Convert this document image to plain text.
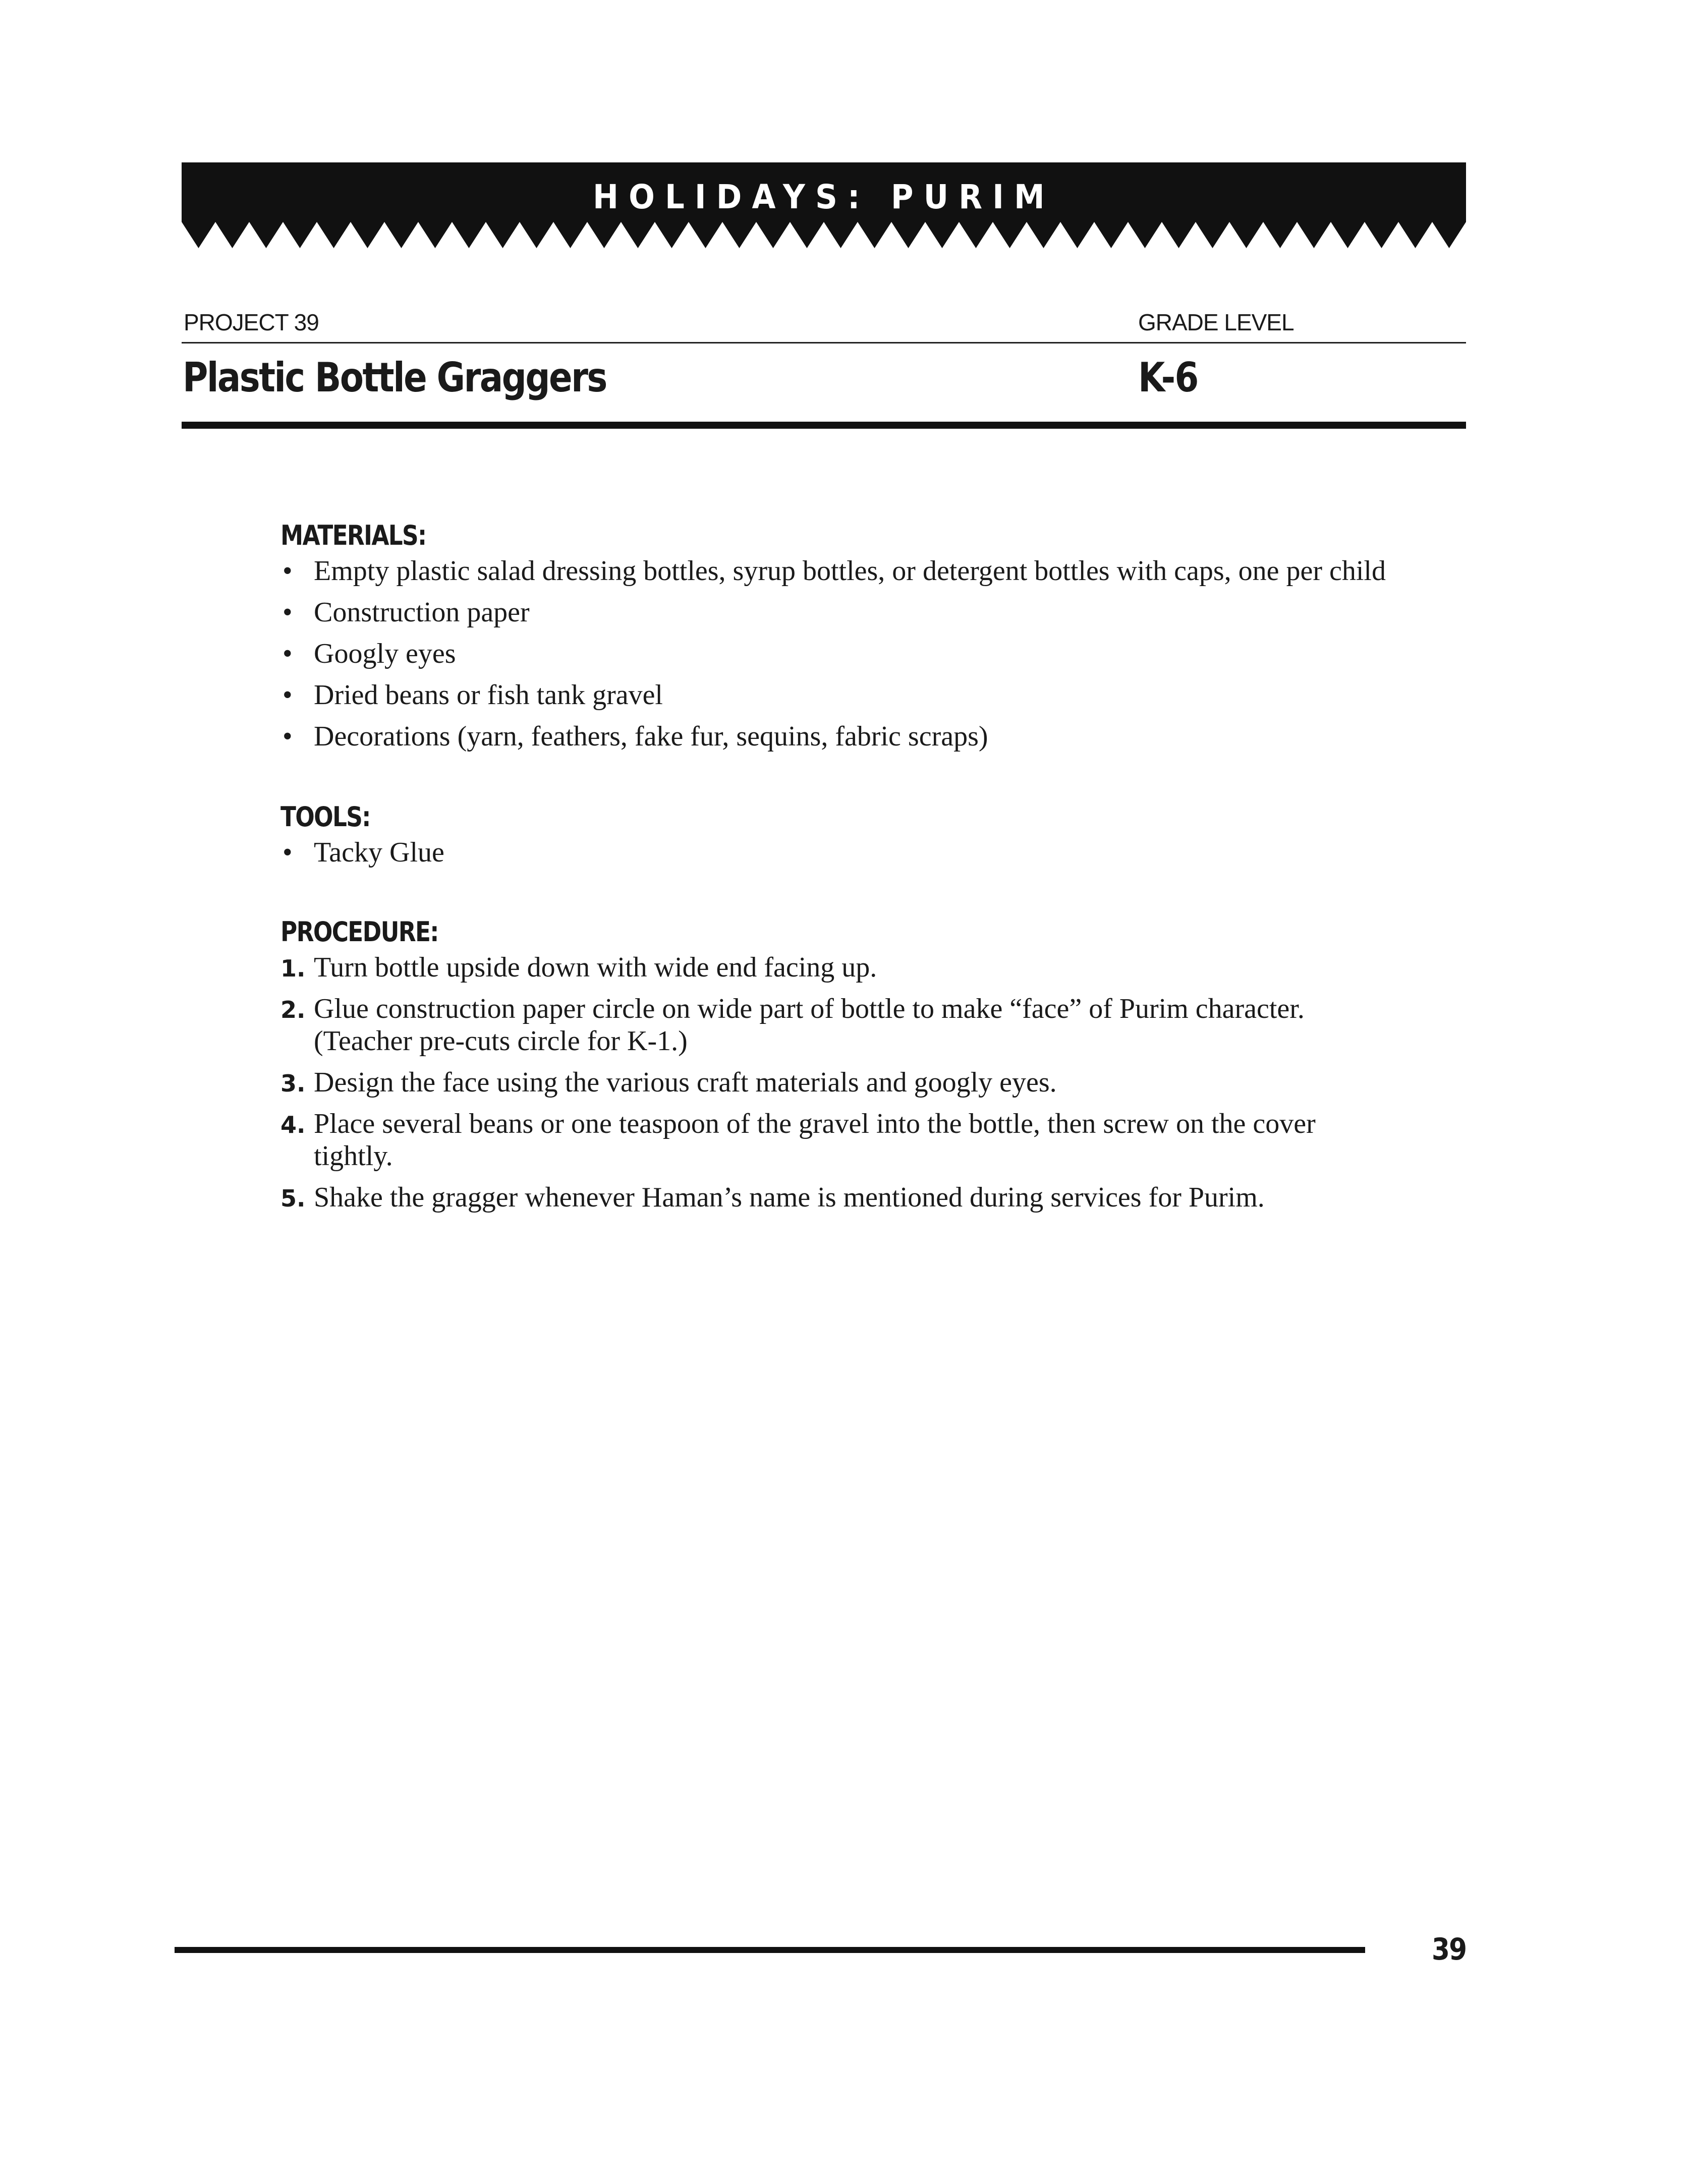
HOLIDAYS: PURIM
PROJECT 39	GRADE LEVEL
Plastic Bottle Graggers	K-6
MATERIALS:
• Empty plastic salad dressing bottles, syrup bottles, or detergent bottles with caps, one per child
• Construction paper
• Googly eyes
• Dried beans or fish tank gravel
• Decorations (yarn, feathers, fake fur, sequins, fabric scraps)
TOOLS:
• Tacky Glue
PROCEDURE:
1. Turn bottle upside down with wide end facing up.
2. Glue construction paper circle on wide part of bottle to make “face” of Purim character. (Teacher pre-cuts circle for K-1.)
3. Design the face using the various craft materials and googly eyes.
4. Place several beans or one teaspoon of the gravel into the bottle, then screw on the cover tightly.
5. Shake the gragger whenever Haman’s name is mentioned during services for Purim.
39
